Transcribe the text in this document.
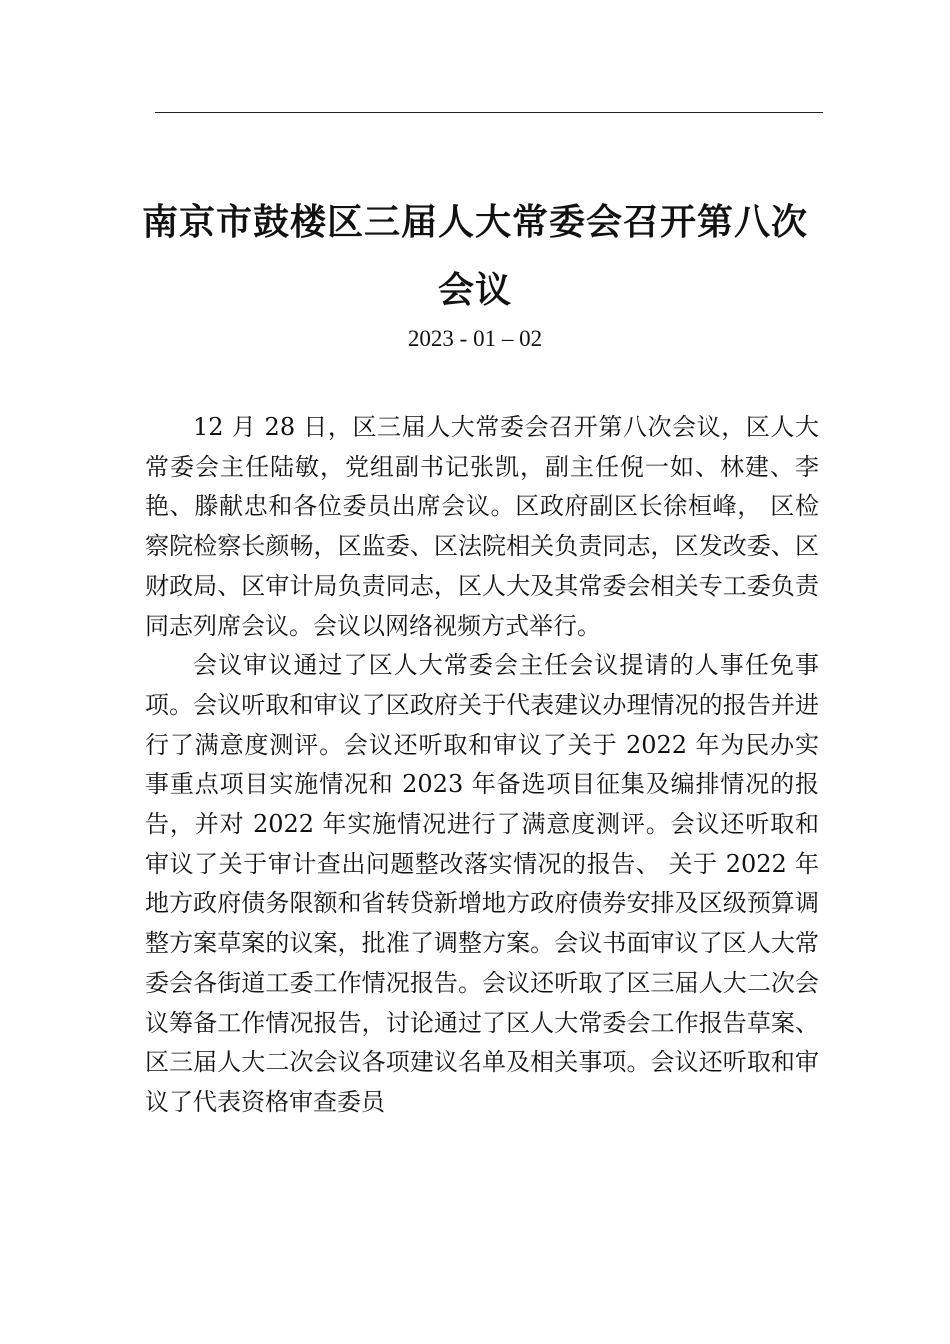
南京市鼓楼区三届人大常委会召开第八次会议
2023 - 01 – 02

12 月 28 日，区三届人大常委会召开第八次会议，区人大常委会主任陆敏，党组副书记张凯，副主任倪一如、林建、李艳、滕献忠和各位委员出席会议。区政府副区长徐桓峰， 区检察院检察长颜畅，区监委、区法院相关负责同志，区发改委、区财政局、区审计局负责同志，区人大及其常委会相关专工委负责同志列席会议。会议以网络视频方式举行。

会议审议通过了区人大常委会主任会议提请的人事任免事项。会议听取和审议了区政府关于代表建议办理情况的报告并进行了满意度测评。会议还听取和审议了关于 2022 年为民办实事重点项目实施情况和 2023 年备选项目征集及编排情况的报告，并对 2022 年实施情况进行了满意度测评。会议还听取和审议了关于审计查出问题整改落实情况的报告、 关于 2022 年地方政府债务限额和省转贷新增地方政府债券安排及区级预算调整方案草案的议案，批准了调整方案。会议书面审议了区人大常委会各街道工委工作情况报告。会议还听取了区三届人大二次会议筹备工作情况报告，讨论通过了区人大常委会工作报告草案、区三届人大二次会议各项建议名单及相关事项。会议还听取和审议了代表资格审查委员
